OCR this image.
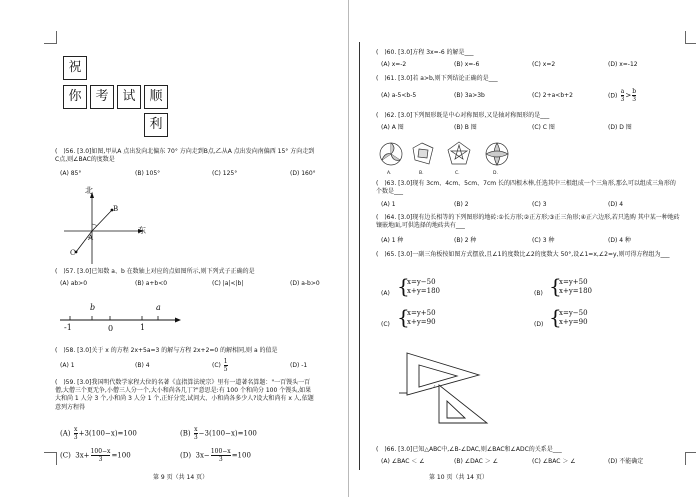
祝
你	考	试	顺
利
(　)56. [3.0]如图,甲从A 点出发向北偏东 70° 方向走到B点,乙从A 点出发向南偏西 15° 方向走到 C点,则∠BAC的度数是
(A) 85°	(B) 105°	(C) 125°	(D) 160°
北
东
B
A
C
(　)57. [3.0]已知数 a、b 在数轴上对应的点如图所示,则下列式子正确的是
(A) ab>0	(B) a+b<0	(C) |a|<|b|	(D) a-b>0
b	a
-1	0	1
(　)58. [3.0]关于 x 的方程 2x+5a=3 的解与方程 2x+2=0 的解相同,则 a 的值是
(A) 1	(B) 4	$(C) \frac{1}{5}$	(D) -1
(　)59. [3.0]我国明代数学家程大位的名著《直指算法统宗》里有一道著名算题："一百馒头一百僧,大僧三个更无争,小僧三人分一个,大小和尚各几丁?"意思是:有 100 个和尚分 100 个馒头,如果大和尚 1 人分 3 个,小和尚 3 人分 1 个,正好分完,试问大、小和尚各多少人?设大和尚有 x 人,依题意列方程得
$(A) \frac{x}{3} +3(100-x)=100$	$(B) \frac{x}{3} -3(100-x)=100$
(C) $3x+ \frac{100-x}{3} =100$	(D) $3x- \frac{100-x}{3} =100$
第 9 页（共 14 页）
(　)60. [3.0]方程 3x=-6 的解是___
(A) x=-2	(B) x=-6	(C) x=2	(D) x=-12
(　)61. [3.0]若 a>b,则下列结论正确的是___
(A) a-5<b-5	(B) 3a>3b	(C) 2+a<b+2	$(D) \frac{a}{3} > \frac{b}{3}$
(　)62. [3.0]下列图形既是中心对称图形,又是轴对称图形的是___
(A) A 图	(B) B 图	(C) C 图	(D) D 图
A.	B.	C.	D.
(　)63. [3.0]现有 3cm、4cm、5cm、7cm 长的四根木棒,任选其中三根组成一个三角形,那么可以组成三角形的个数是___
(A) 1	(B) 2	(C) 3	(D) 4
(　)64. [3.0]现有边长相等的下列图形的地砖:①长方形;②正方形;③正三角形;④正六边形,若只选购 其中某一种地砖镶嵌地面,可供选择的地砖共有___
(A) 1 种	(B) 2 种	(C) 3 种	(D) 4 种
(　)65. [3.0]一副三角板按如图方式摆放,且∠1的度数比∠2的度数大 50°,设∠1=x,∠2=y,则可得方程组为___
(A) {
x=y−50
x+y=180	(B) {
x=y+50
x+y=180
(C) {
x=y+50
x+y=90	(D) {
x=y−50
x+y=90
(　)66. [3.0]已知△ABC中,∠B-∠DAC,则∠BAC和∠ADC的关系是___
(A) ∠BAC ＜ ∠	(B) ∠DAC ＞ ∠	(C) ∠BAC ＞ ∠	(D) 不能确定
第 10 页（共 14 页）
